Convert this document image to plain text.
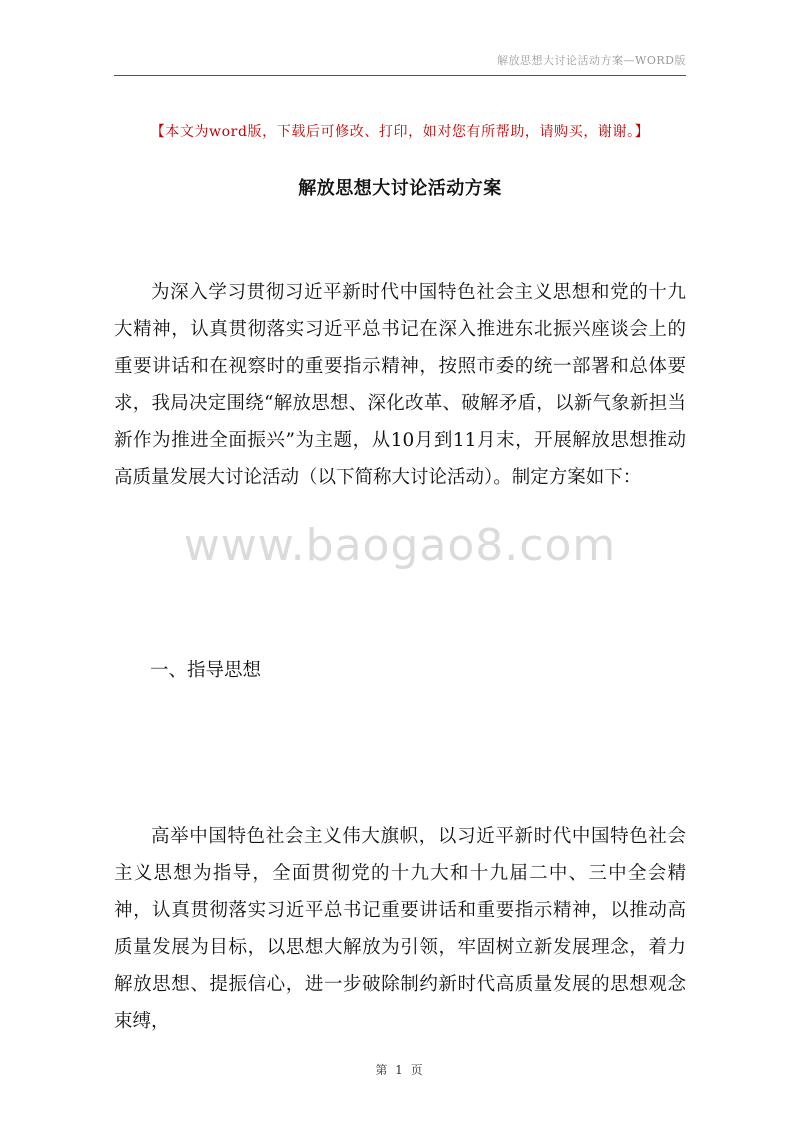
解放思想大讨论活动方案—WORD版
【本文为word版，下载后可修改、打印，如对您有所帮助，请购买，谢谢。】
解放思想大讨论活动方案

为深入学习贯彻习近平新时代中国特色社会主义思想和党的十九大精神，认真贯彻落实习近平总书记在深入推进东北振兴座谈会上的重要讲话和在视察时的重要指示精神，按照市委的统一部署和总体要求，我局决定围绕“解放思想、深化改革、破解矛盾，以新气象新担当新作为推进全面振兴”为主题，从10月到11月末，开展解放思想推动高质量发展大讨论活动（以下简称大讨论活动）。制定方案如下：

www.baogao8.com
一、指导思想

高举中国特色社会主义伟大旗帜，以习近平新时代中国特色社会主义思想为指导，全面贯彻党的十九大和十九届二中、三中全会精神，认真贯彻落实习近平总书记重要讲话和重要指示精神，以推动高质量发展为目标，以思想大解放为引领，牢固树立新发展理念，着力解放思想、提振信心，进一步破除制约新时代高质量发展的思想观念束缚，

第 1 页
